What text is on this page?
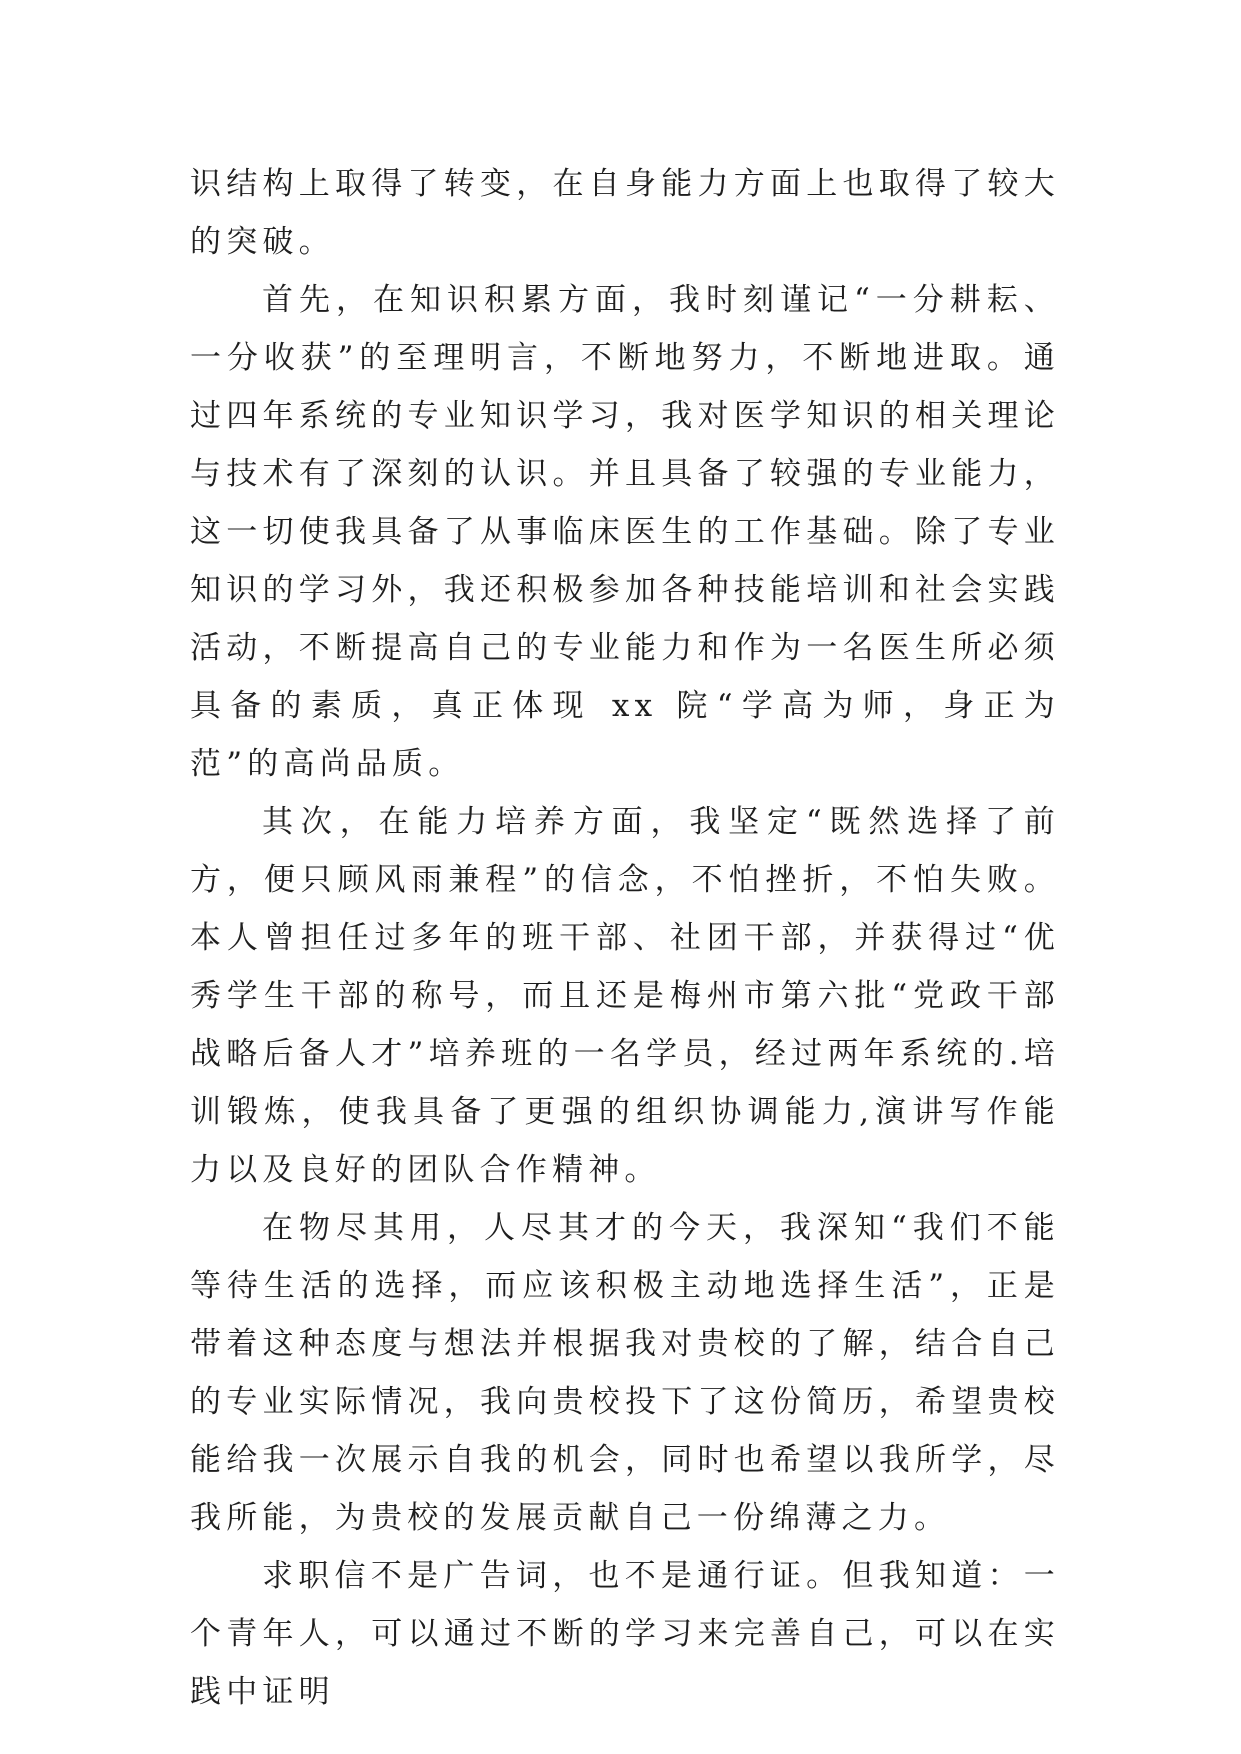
识结构上取得了转变，在自身能力方面上也取得了较大的突破。

首先，在知识积累方面，我时刻谨记“一分耕耘、一分收获”的至理明言，不断地努力，不断地进取。通过四年系统的专业知识学习，我对医学知识的相关理论与技术有了深刻的认识。并且具备了较强的专业能力，这一切使我具备了从事临床医生的工作基础。除了专业知识的学习外，我还积极参加各种技能培训和社会实践活动，不断提高自己的专业能力和作为一名医生所必须具备的素质，真正体现 xx 院“学高为师，身正为范”的高尚品质。

其次，在能力培养方面，我坚定“既然选择了前方，便只顾风雨兼程”的信念，不怕挫折，不怕失败。本人曾担任过多年的班干部、社团干部，并获得过“优秀学生干部的称号，而且还是梅州市第六批“党政干部战略后备人才”培养班的一名学员，经过两年系统的.培训锻炼，使我具备了更强的组织协调能力,演讲写作能力以及良好的团队合作精神。

在物尽其用，人尽其才的今天，我深知“我们不能等待生活的选择，而应该积极主动地选择生活”，正是带着这种态度与想法并根据我对贵校的了解，结合自己的专业实际情况，我向贵校投下了这份简历，希望贵校能给我一次展示自我的机会，同时也希望以我所学，尽我所能，为贵校的发展贡献自己一份绵薄之力。

求职信不是广告词，也不是通行证。但我知道：一个青年人，可以通过不断的学习来完善自己，可以在实践中证明
